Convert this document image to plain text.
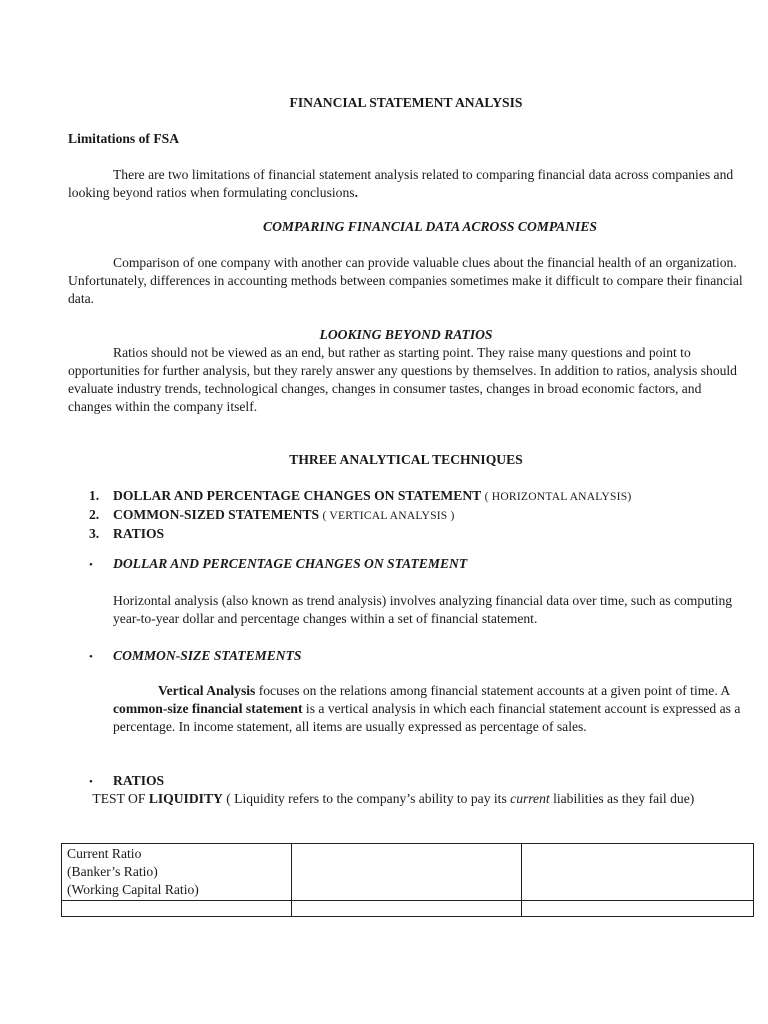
FINANCIAL STATEMENT ANALYSIS

Limitations of FSA

There are two limitations of financial statement analysis related to comparing financial data across companies and looking beyond ratios when formulating conclusions.

COMPARING FINANCIAL DATA ACROSS COMPANIES

Comparison of one company with another can provide valuable clues about the financial health of an organization. Unfortunately, differences in accounting methods between companies sometimes make it difficult to compare their financial data.

LOOKING BEYOND RATIOS

Ratios should not be viewed as an end, but rather as starting point. They raise many questions and point to opportunities for further analysis, but they rarely answer any questions by themselves. In addition to ratios, analysis should evaluate industry trends, technological changes, changes in consumer tastes, changes in broad economic factors, and changes within the company itself.

THREE ANALYTICAL TECHNIQUES

1. DOLLAR AND PERCENTAGE CHANGES ON STATEMENT ( HORIZONTAL ANALYSIS)
2. COMMON-SIZED STATEMENTS ( VERTICAL ANALYSIS )
3. RATIOS

• DOLLAR AND PERCENTAGE CHANGES ON STATEMENT

Horizontal analysis (also known as trend analysis) involves analyzing financial data over time, such as computing year-to-year dollar and percentage changes within a set of financial statement.

• COMMON-SIZE STATEMENTS

Vertical Analysis focuses on the relations among financial statement accounts at a given point of time. A common-size financial statement is a vertical analysis in which each financial statement account is expressed as a percentage. In income statement, all items are usually expressed as percentage of sales.

• RATIOS

TEST OF LIQUIDITY ( Liquidity refers to the company’s ability to pay its current liabilities as they fail due)

Current Ratio
(Banker’s Ratio)
(Working Capital Ratio)		
